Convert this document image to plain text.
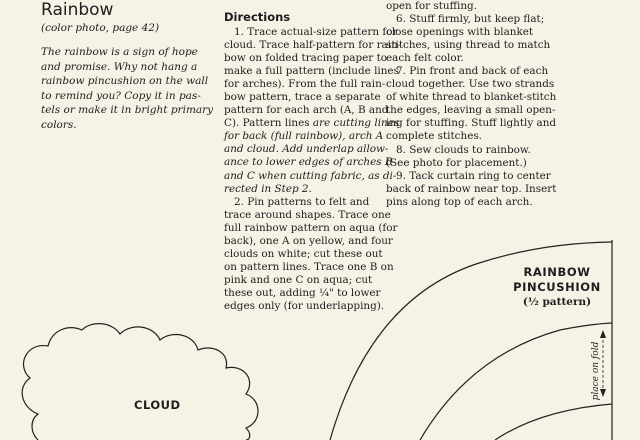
Rainbow
(color photo, page 42)
The rainbow is a sign of hope
and promise. Why not hang a
rainbow pincushion on the wall
to remind you? Copy it in pas-
tels or make it in bright primary
colors.
Directions
1. Trace actual-size pattern for
cloud. Trace half-pattern for rain-
bow on folded tracing paper to
make a full pattern (include lines
for arches). From the full rain-
bow pattern, trace a separate
pattern for each arch (A, B and
C). Pattern lines are cutting lines
for back (full rainbow), arch A
and cloud. Add underlap allow-
ance to lower edges of arches B
and C when cutting fabric, as di-
rected in Step 2.
2. Pin patterns to felt and
trace around shapes. Trace one
full rainbow pattern on aqua (for
back), one A on yellow, and four
clouds on white; cut these out
on pattern lines. Trace one B on
pink and one C on aqua; cut
these out, adding ¼" to lower
edges only (for underlapping).
open for stuffing.
6. Stuff firmly, but keep flat;
close openings with blanket
stitches, using thread to match
each felt color.
7. Pin front and back of each
cloud together. Use two strands
of white thread to blanket-stitch
the edges, leaving a small open-
ing for stuffing. Stuff lightly and
complete stitches.
8. Sew clouds to rainbow.
(See photo for placement.)
9. Tack curtain ring to center
back of rainbow near top. Insert
pins along top of each arch.
RAINBOW
PINCUSHION
(½ pattern)
place on fold
CLOUD
